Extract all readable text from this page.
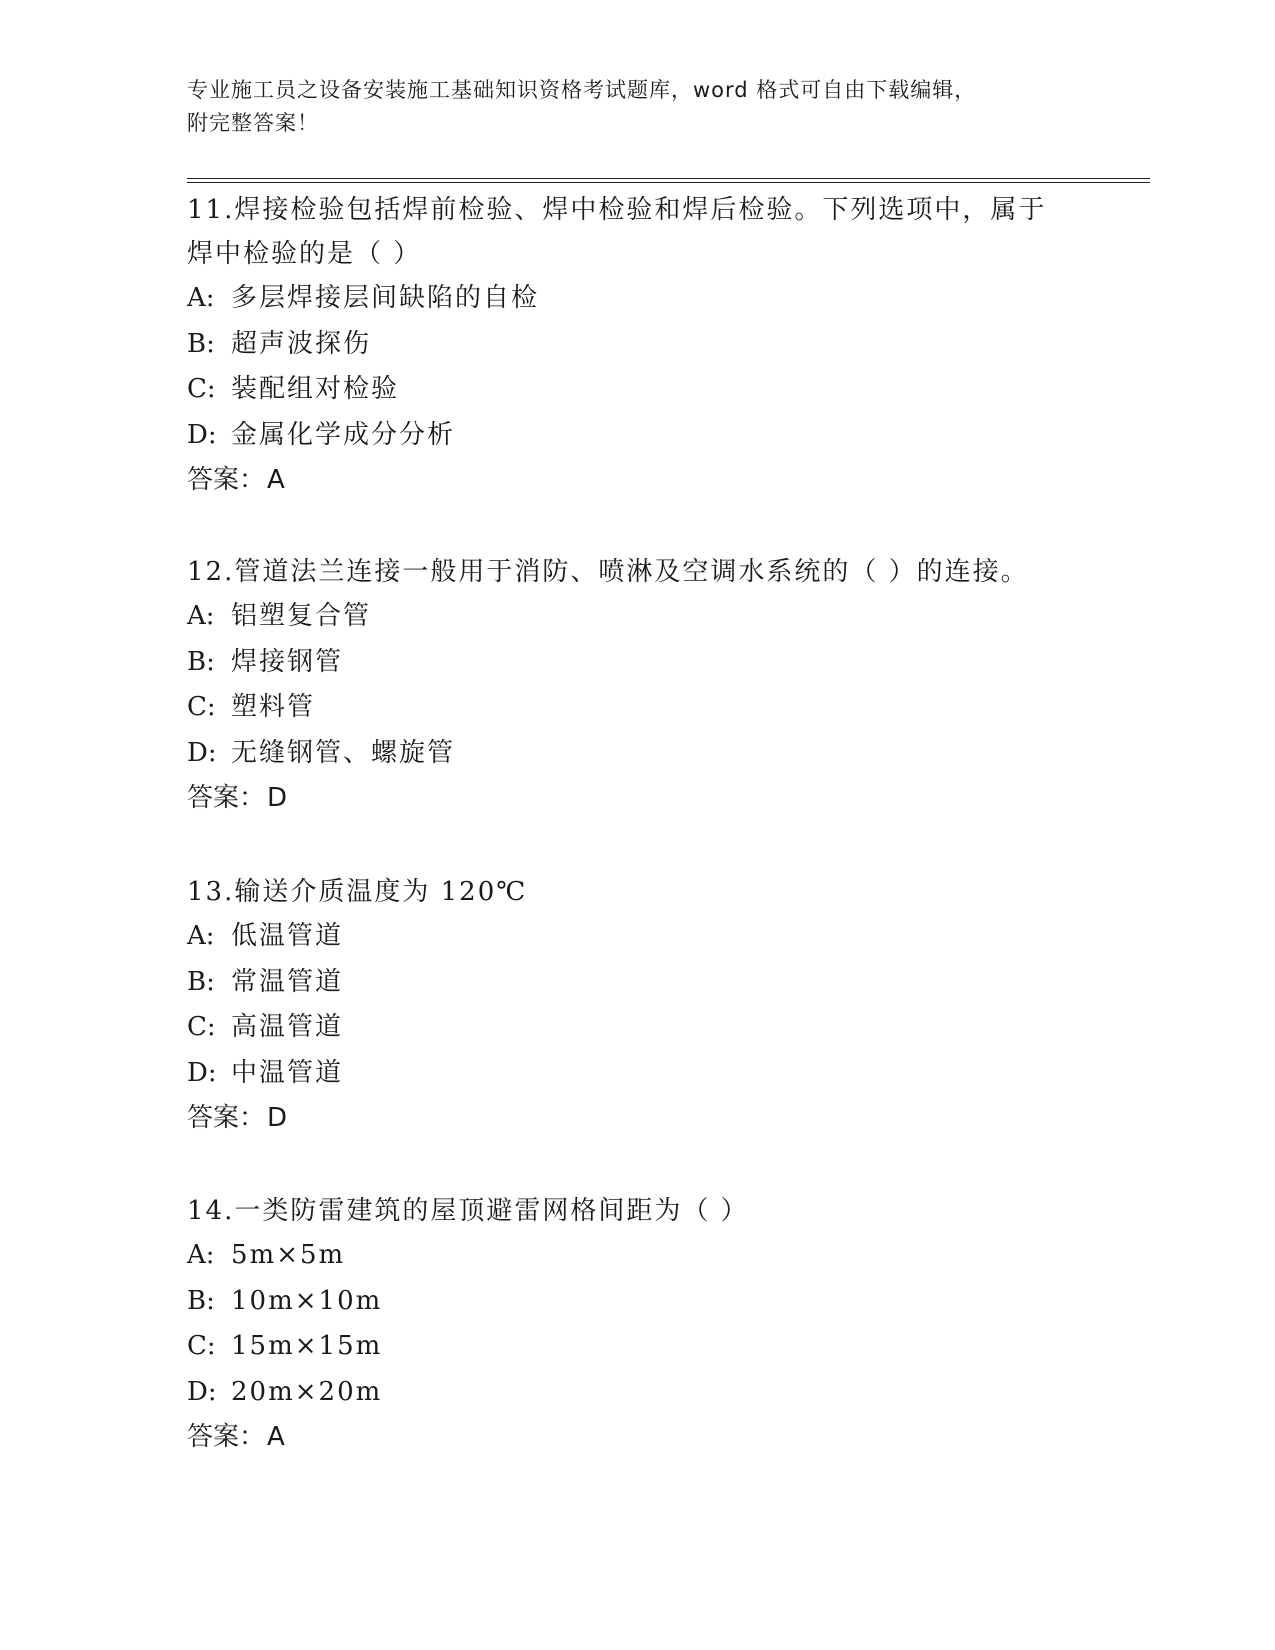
专业施工员之设备安装施工基础知识资格考试题库，word 格式可自由下载编辑，
附完整答案！
11.焊接检验包括焊前检验、焊中检验和焊后检验。下列选项中，属于
焊中检验的是（ ）
A: 多层焊接层间缺陷的自检
B: 超声波探伤
C: 装配组对检验
D: 金属化学成分分析
答案：A
12.管道法兰连接一般用于消防、喷淋及空调水系统的（ ）的连接。
A: 铝塑复合管
B: 焊接钢管
C: 塑料管
D: 无缝钢管、螺旋管
答案：D
13.输送介质温度为 120℃
A: 低温管道
B: 常温管道
C: 高温管道
D: 中温管道
答案：D
14.一类防雷建筑的屋顶避雷网格间距为（ ）
A: 5m×5m
B: 10m×10m
C: 15m×15m
D: 20m×20m
答案：A
